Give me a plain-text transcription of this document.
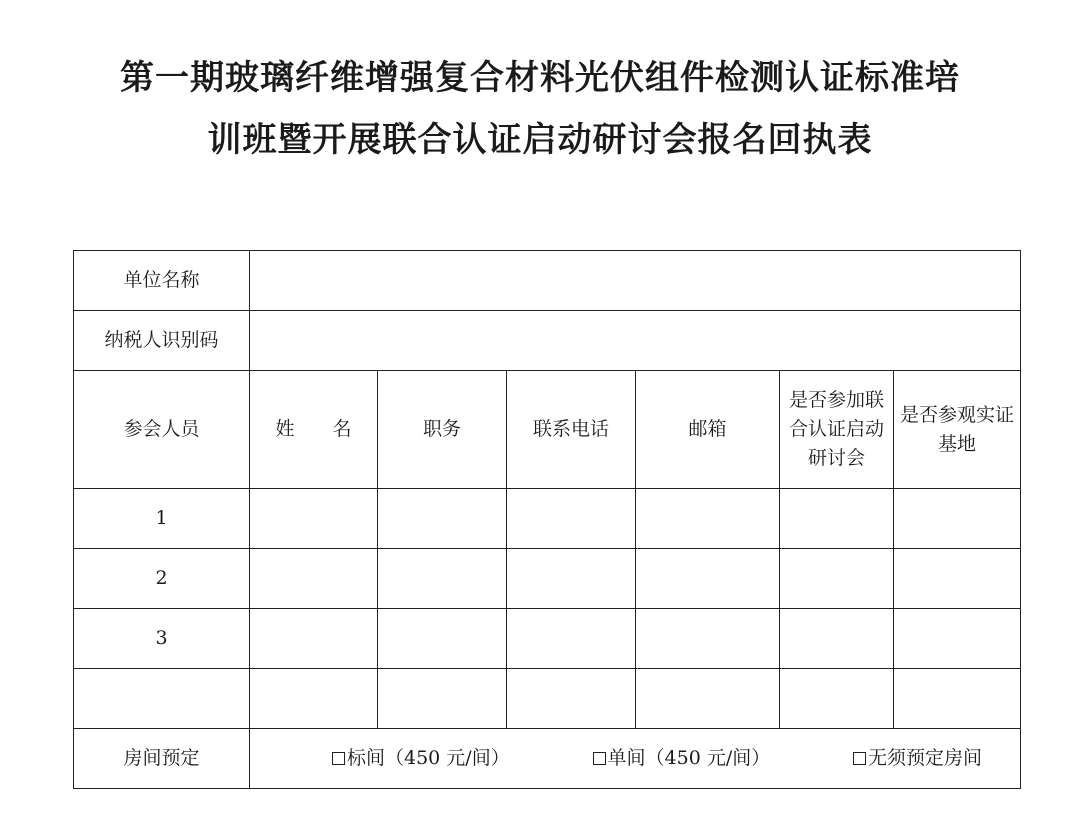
第一期玻璃纤维增强复合材料光伏组件检测认证标准培
训班暨开展联合认证启动研讨会报名回执表
单位名称						
纳税人识别码						
参会人员	姓　　名	职务	联系电话	邮箱	是否参加联合认证启动研讨会	是否参观实证基地
1						
2						
3						

房间预定	标间（450 元/间） 单间（450 元/间） 无须预定房间					
